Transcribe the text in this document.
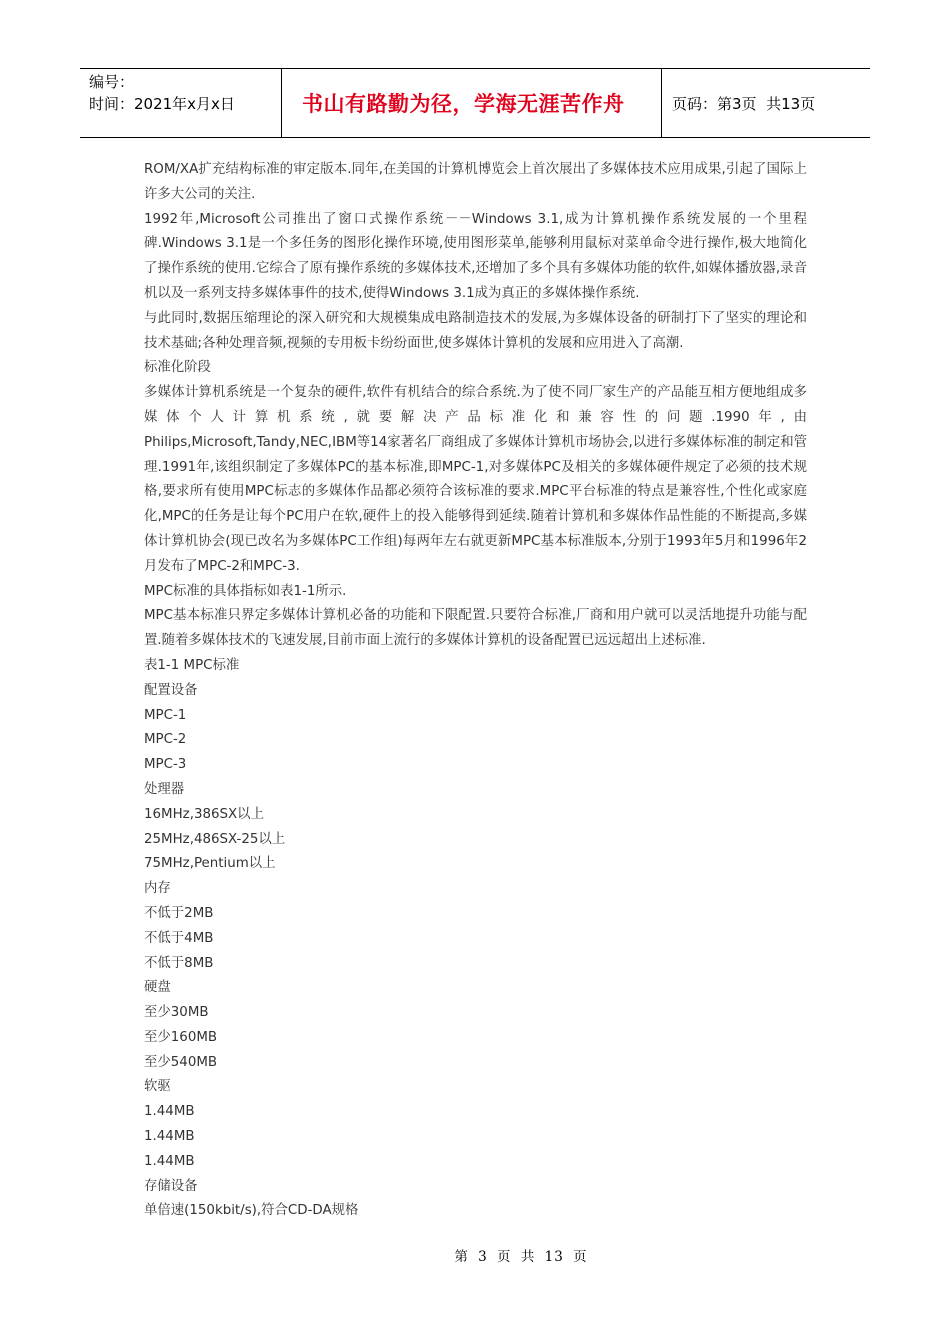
编号：
时间：2021年x月x日	书山有路勤为径，学海无涯苦作舟	页码：第3页  共13页

ROM/XA扩充结构标准的审定版本.同年,在美国的计算机博览会上首次展出了多媒体技术应用成果,引起了国际上许多大公司的关注.

1992年,Microsoft公司推出了窗口式操作系统－－Windows 3.1,成为计算机操作系统发展的一个里程碑.Windows 3.1是一个多任务的图形化操作环境,使用图形菜单,能够利用鼠标对菜单命令进行操作,极大地简化了操作系统的使用.它综合了原有操作系统的多媒体技术,还增加了多个具有多媒体功能的软件,如媒体播放器,录音机以及一系列支持多媒体事件的技术,使得Windows 3.1成为真正的多媒体操作系统.

与此同时,数据压缩理论的深入研究和大规模集成电路制造技术的发展,为多媒体设备的研制打下了坚实的理论和技术基础;各种处理音频,视频的专用板卡纷纷面世,使多媒体计算机的发展和应用进入了高潮.

标准化阶段

多媒体计算机系统是一个复杂的硬件,软件有机结合的综合系统.为了使不同厂家生产的产品能互相方便地组成多媒体个人计算机系统,就要解决产品标准化和兼容性的问题.1990年,由

Philips,Microsoft,Tandy,NEC,IBM等14家著名厂商组成了多媒体计算机市场协会,以进行多媒体标准的制定和管理.1991年,该组织制定了多媒体PC的基本标准,即MPC-1,对多媒体PC及相关的多媒体硬件规定了必须的技术规格,要求所有使用MPC标志的多媒体作品都必须符合该标准的要求.MPC平台标准的特点是兼容性,个性化或家庭化,MPC的任务是让每个PC用户在软,硬件上的投入能够得到延续.随着计算机和多媒体作品性能的不断提高,多媒体计算机协会(现已改名为多媒体PC工作组)每两年左右就更新MPC基本标准版本,分别于1993年5月和1996年2月发布了MPC-2和MPC-3.

MPC标准的具体指标如表1-1所示.

MPC基本标准只界定多媒体计算机必备的功能和下限配置.只要符合标准,厂商和用户就可以灵活地提升功能与配置.随着多媒体技术的飞速发展,目前市面上流行的多媒体计算机的设备配置已远远超出上述标准.

表1-1 MPC标准

配置设备

MPC-1

MPC-2

MPC-3

处理器

16MHz,386SX以上

25MHz,486SX-25以上

75MHz,Pentium以上

内存

不低于2MB

不低于4MB

不低于8MB

硬盘

至少30MB

至少160MB

至少540MB

软驱

1.44MB

1.44MB

1.44MB

存储设备

单倍速(150kbit/s),符合CD-DA规格

第 3 页 共 13 页
